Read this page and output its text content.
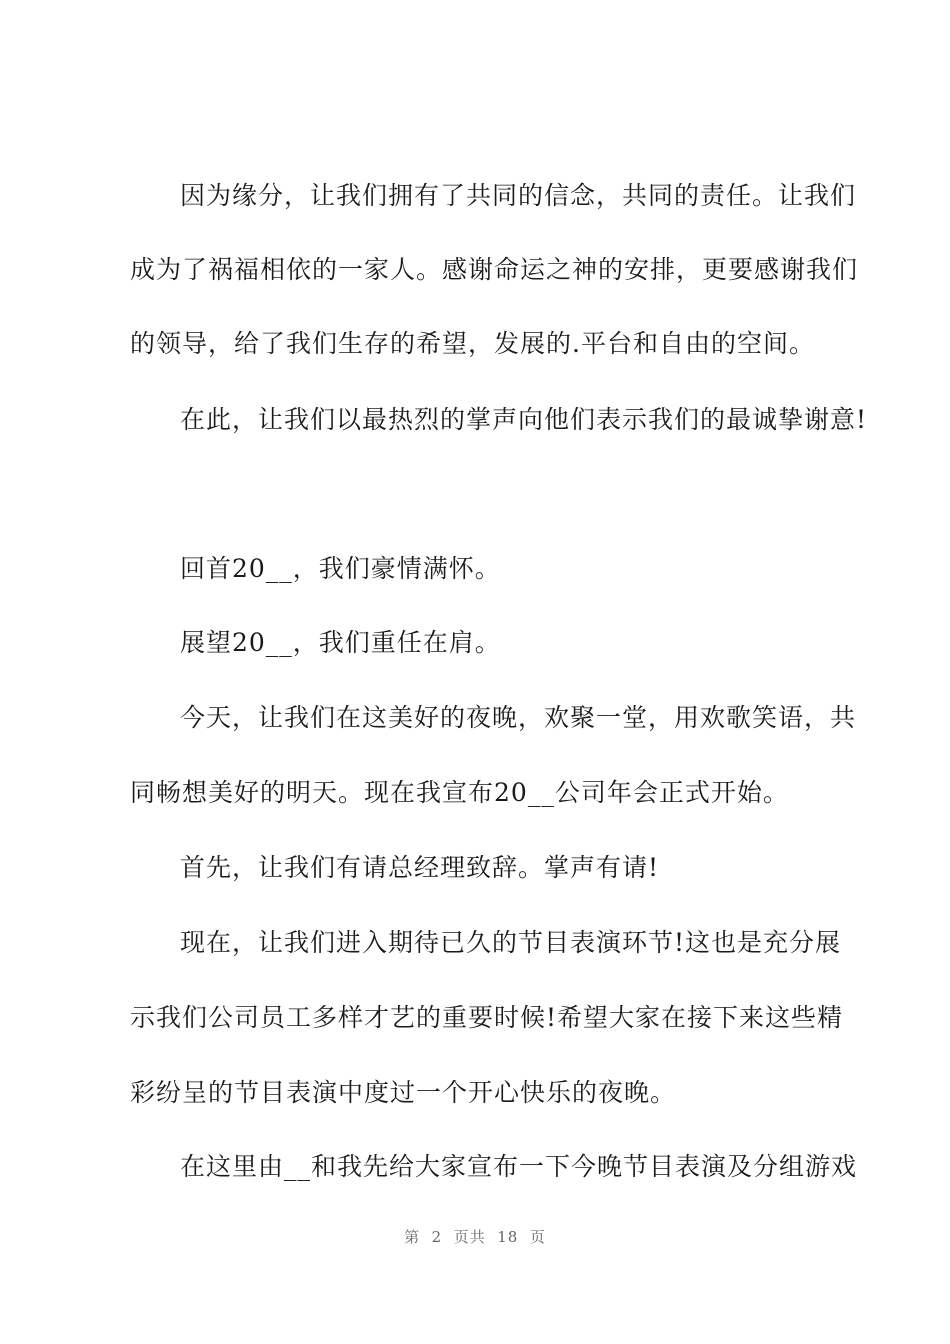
因为缘分，让我们拥有了共同的信念，共同的责任。让我们
成为了祸福相依的一家人。感谢命运之神的安排，更要感谢我们
的领导，给了我们生存的希望，发展的.平台和自由的空间。
在此，让我们以最热烈的掌声向他们表示我们的最诚挚谢意!
回首20__，我们豪情满怀。
展望20__，我们重任在肩。
今天，让我们在这美好的夜晚，欢聚一堂，用欢歌笑语，共
同畅想美好的明天。现在我宣布20__公司年会正式开始。
首先，让我们有请总经理致辞。掌声有请!
现在，让我们进入期待已久的节目表演环节!这也是充分展
示我们公司员工多样才艺的重要时候!希望大家在接下来这些精
彩纷呈的节目表演中度过一个开心快乐的夜晚。
在这里由__和我先给大家宣布一下今晚节目表演及分组游戏
第  2  页共  18  页
